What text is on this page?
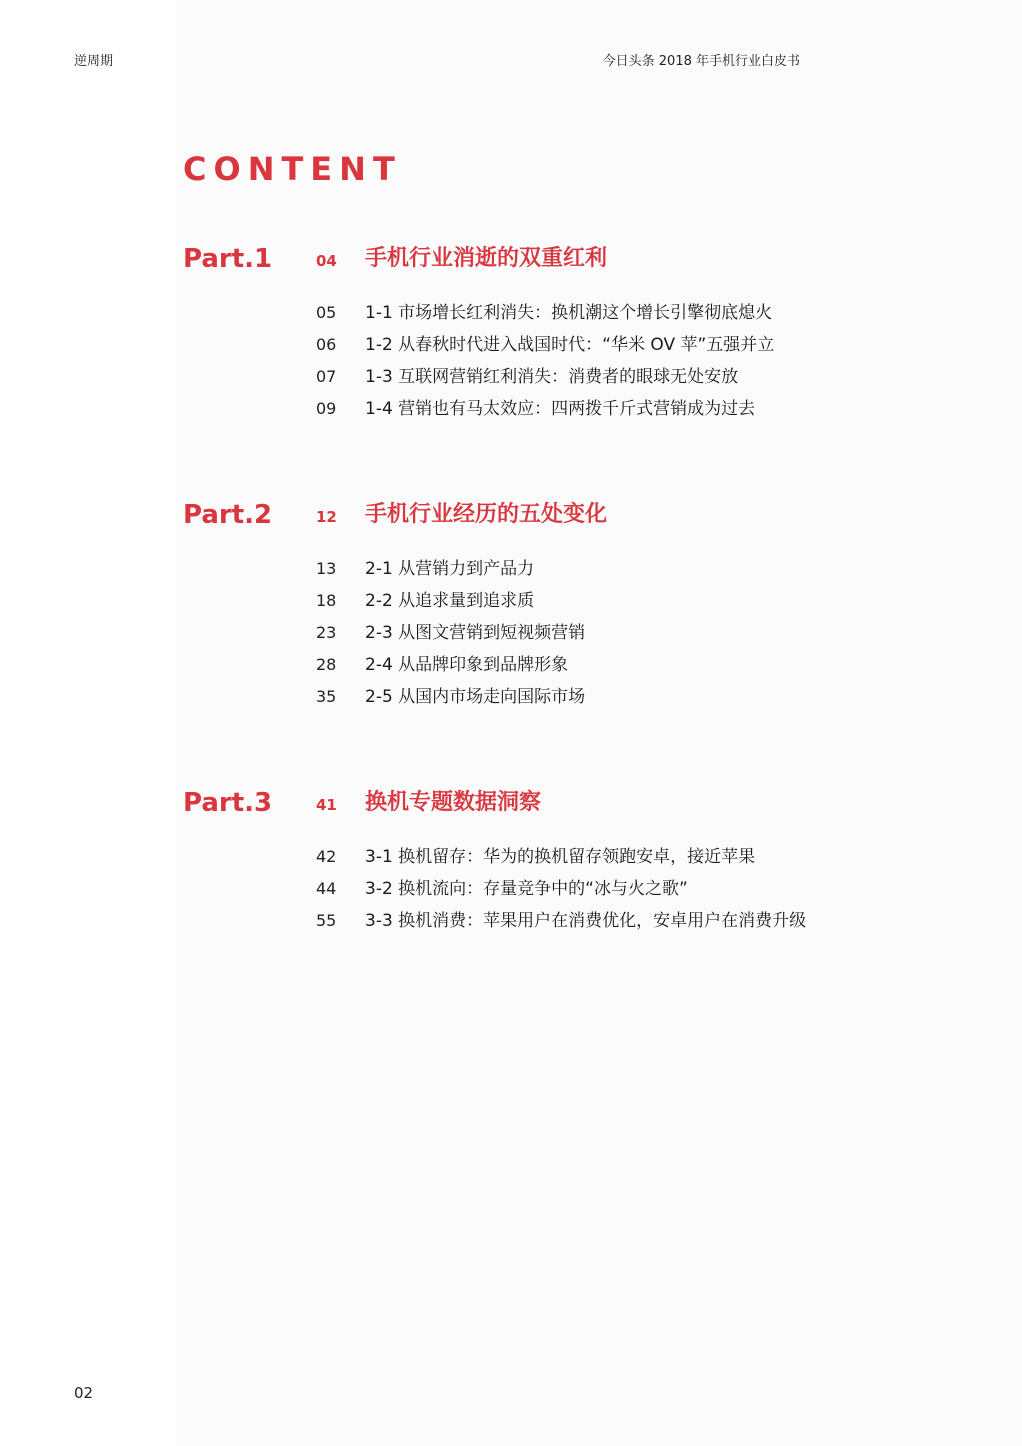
逆周期	今日头条 2018 年手机行业白皮书
CONTENT
Part.1	04 手机行业消逝的双重红利
05 1-1 市场增长红利消失：换机潮这个增长引擎彻底熄火
06 1-2 从春秋时代进入战国时代：“华米 OV 苹”五强并立
07 1-3 互联网营销红利消失：消费者的眼球无处安放
09 1-4 营销也有马太效应：四两拨千斤式营销成为过去
Part.2	12 手机行业经历的五处变化
13 2-1 从营销力到产品力
18 2-2 从追求量到追求质
23 2-3 从图文营销到短视频营销
28 2-4 从品牌印象到品牌形象
35 2-5 从国内市场走向国际市场
Part.3	41 换机专题数据洞察
42 3-1 换机留存：华为的换机留存领跑安卓，接近苹果
44 3-2 换机流向：存量竞争中的“冰与火之歌”
55 3-3 换机消费：苹果用户在消费优化，安卓用户在消费升级
02
